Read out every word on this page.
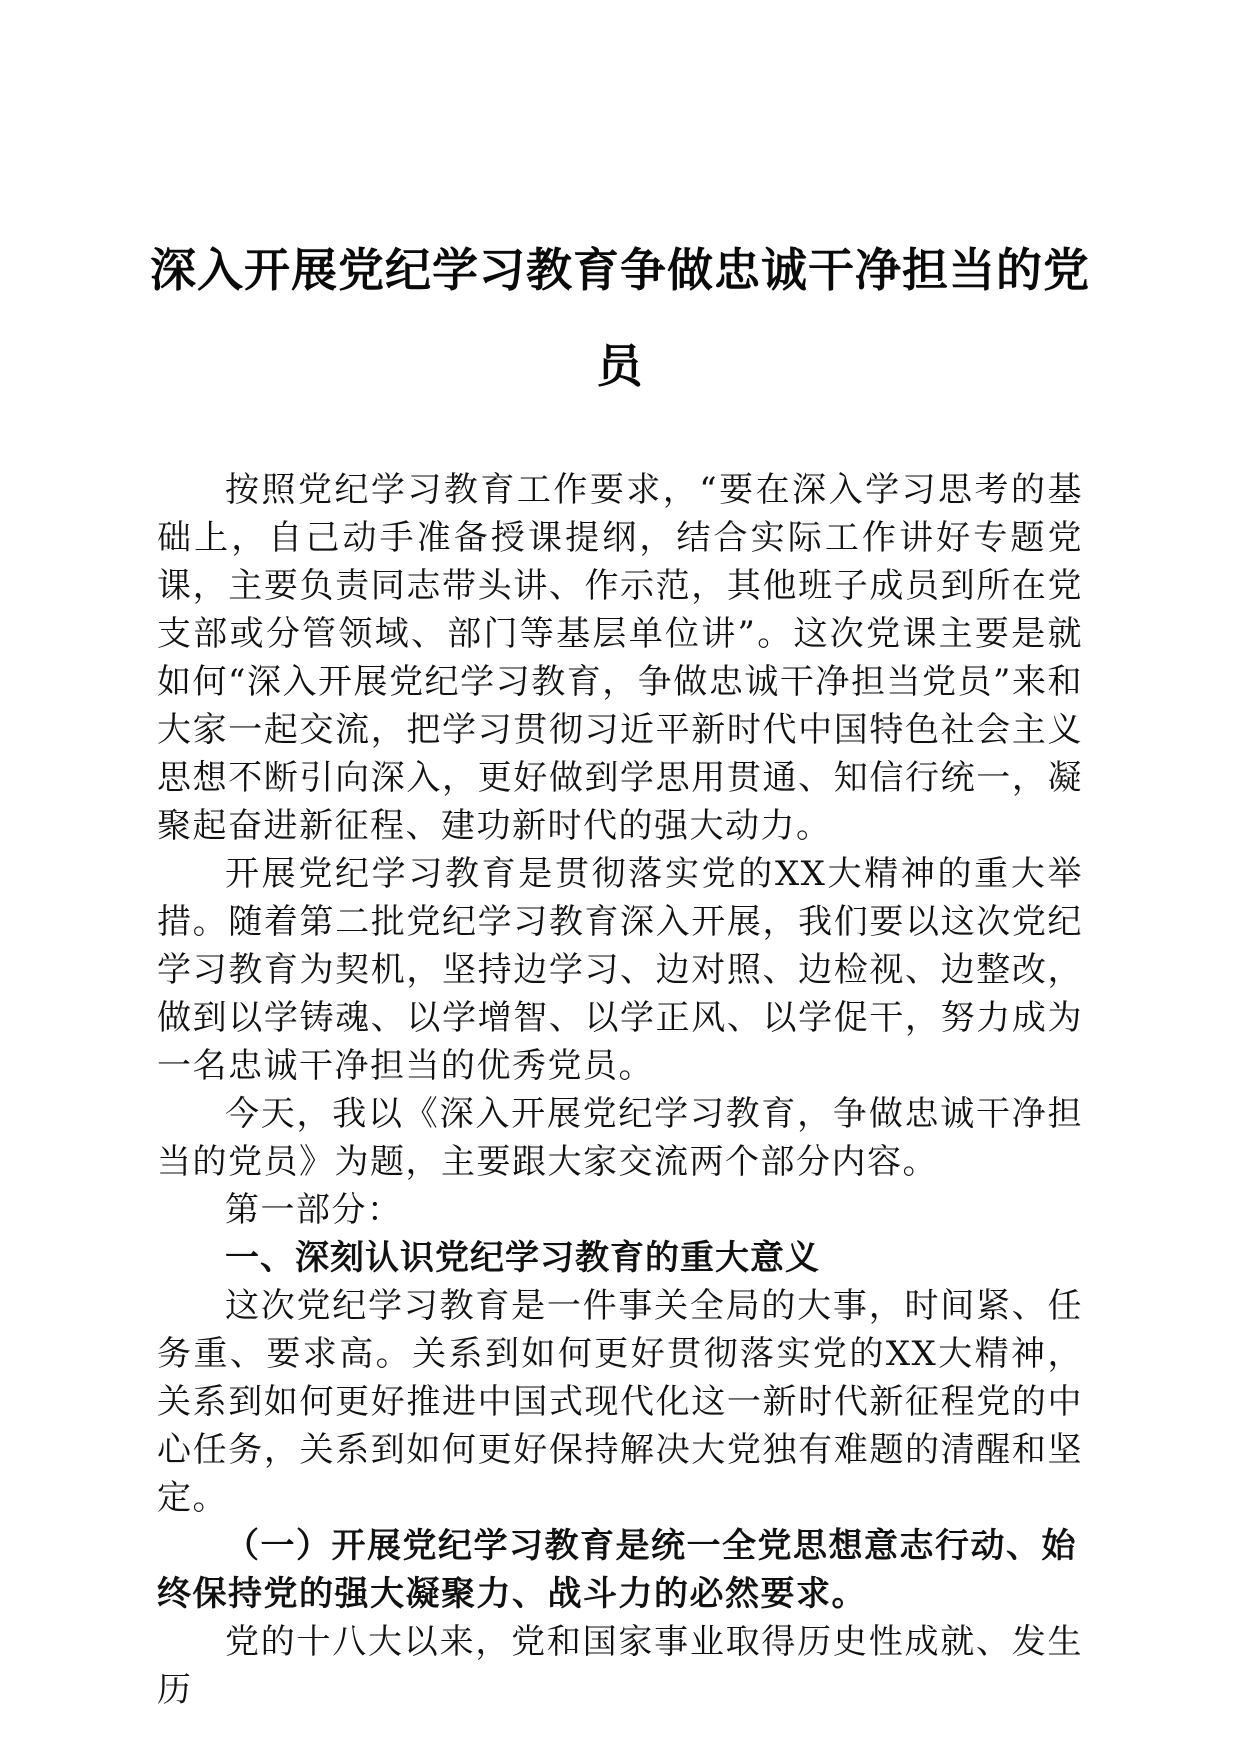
深入开展党纪学习教育争做忠诚干净担当的党员

按照党纪学习教育工作要求，“要在深入学习思考的基础上，自己动手准备授课提纲，结合实际工作讲好专题党课，主要负责同志带头讲、作示范，其他班子成员到所在党支部或分管领域、部门等基层单位讲”。这次党课主要是就如何“深入开展党纪学习教育，争做忠诚干净担当党员”来和大家一起交流，把学习贯彻习近平新时代中国特色社会主义思想不断引向深入，更好做到学思用贯通、知信行统一，凝聚起奋进新征程、建功新时代的强大动力。

开展党纪学习教育是贯彻落实党的XX大精神的重大举措。随着第二批党纪学习教育深入开展，我们要以这次党纪学习教育为契机，坚持边学习、边对照、边检视、边整改，做到以学铸魂、以学增智、以学正风、以学促干，努力成为一名忠诚干净担当的优秀党员。

今天，我以《深入开展党纪学习教育，争做忠诚干净担当的党员》为题，主要跟大家交流两个部分内容。

第一部分：

一、深刻认识党纪学习教育的重大意义

这次党纪学习教育是一件事关全局的大事，时间紧、任务重、要求高。关系到如何更好贯彻落实党的XX大精神，关系到如何更好推进中国式现代化这一新时代新征程党的中心任务，关系到如何更好保持解决大党独有难题的清醒和坚定。

（一）开展党纪学习教育是统一全党思想意志行动、始终保持党的强大凝聚力、战斗力的必然要求。

党的十八大以来，党和国家事业取得历史性成就、发生历
